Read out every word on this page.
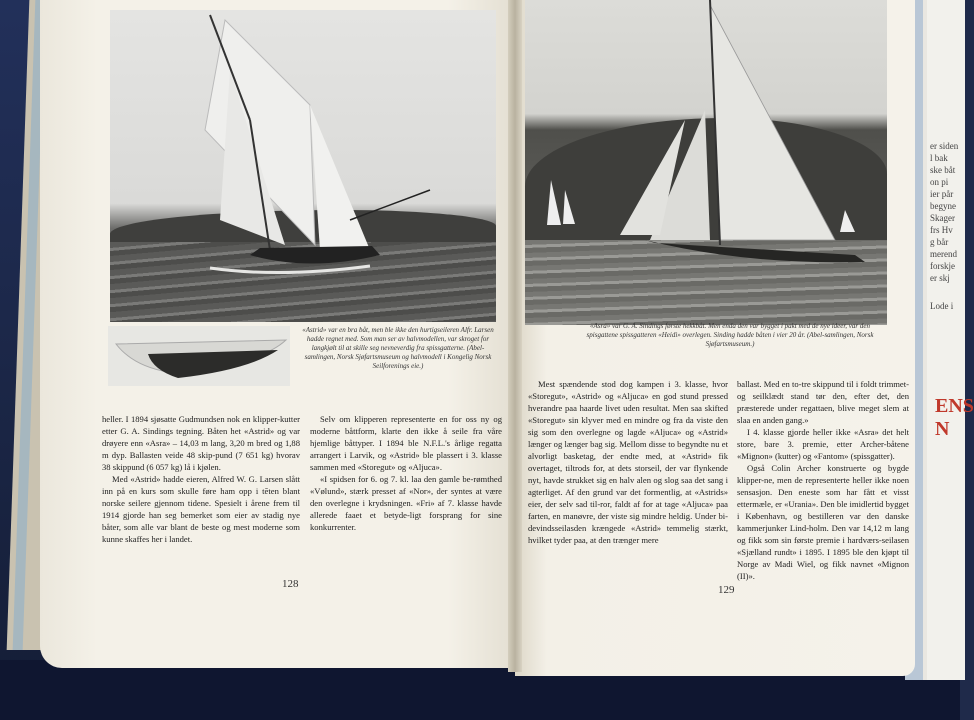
er siden
l bak
ske båt
on pi
ier pår
begyne
Skager
frs Hv
g bår
merend
forskje
er skj
Lode i
ENS
N
«Astrid» var en bra båt, men ble ikke den hurtigseileren Alfr. Larsen hadde regnet med. Som man ser av halvmodellen, var skroget for langkjølt til at skille seg nevneverdig fra spissgatterne. (Abel-samlingen, Norsk Sjøfartsmuseum og halvmodell i Kongelig Norsk Seilforenings eie.)

heller. I 1894 sjøsatte Gudmundsen nok en klipper-kutter etter G. A. Sindings tegning. Båten het «Astrid» og var drøyere enn «Asra» – 14,03 m lang, 3,20 m bred og 1,88 m dyp. Ballasten veide 48 skip-pund (7 651 kg) hvorav 38 skippund (6 057 kg) lå i kjølen.

Med «Astrid» hadde eieren, Alfred W. G. Larsen slått inn på en kurs som skulle føre ham opp i tēten blant norske seilere gjennom tidene. Spesielt i årene frem til 1914 gjorde han seg bemerket som eier av stadig nye båter, som alle var blant de beste og mest moderne som kunne skaffes her i landet.

Selv om klipperen representerte en for oss ny og moderne båttform, klarte den ikke å seile fra våre hjemlige båttyper. I 1894 ble N.F.L.'s årlige regatta arrangert i Larvik, og «Astrid» ble plassert i 3. klasse sammen med «Storegut» og «Aljuca».

«I spidsen for 6. og 7. kl. laa den gamle be-rømthed «Vølund», stærk presset af «Nor», der syntes at være den overlegne i krydsningen. «Fri» af 7. klasse havde allerede faaet et betyde-ligt forsprang for sine konkurrenter.

128
«Asra» var G. A. Sindings første hekkbåt. Men enda den var bygget i pakt med de nye ideer, var den spisgattene spissgatteren «Heidi» overlegen. Sinding hadde båten i vier 20 år. (Abel-samlingen, Norsk Sjøfartsmuseum.)

Mest spændende stod dog kampen i 3. klasse, hvor «Storegut», «Astrid» og «Aljuca» en god stund pressed hverandre paa haarde livet uden resultat. Men saa skifted «Storegut» sin klyver med en mindre og fra da viste den sig som den overlegne og lagde «Aljuca» og «Astrid» længer og længer bag sig. Mellom disse to begyndte nu et alvorligt basketag, der endte med, at «Astrid» fik overtaget, tiltrods for, at dets storseil, der var flynkende nyt, havde strukket sig en halv alen og slog saa det sang i agterliget. Af den grund var det formentlig, at «Astrids» eier, der selv sad til-ror, faldt af for at tage «Aljuca» paa farten, en manøvre, der viste sig mindre heldig. Under bi-devindsseilasden krængede «Astrid» temmelig stærkt, hvilket tyder paa, at den trænger mere

ballast. Med en to-tre skippund til i foldt trimmet- og seilklædt stand tør den, efter det, den præsterede under regattaen, blive meget slem at slaa en anden gang.»

I 4. klasse gjorde heller ikke «Asra» det helt store, bare 3. premie, etter Archer-båtene «Mignon» (kutter) og «Fantom» (spissgatter).

Også Colin Archer konstruerte og bygde klipper-ne, men de representerte heller ikke noen sensasjon. Den eneste som har fått et visst ettermæle, er «Urania». Den ble imidlertid bygget i København, og bestilleren var den danske kammerjunker Lind-holm. Den var 14,12 m lang og fikk som sin første premie i hardværs-seilasen «Sjælland rundt» i 1895. I 1895 ble den kjøpt til Norge av Madi Wiel, og fikk navnet «Mignon (II)».

129
